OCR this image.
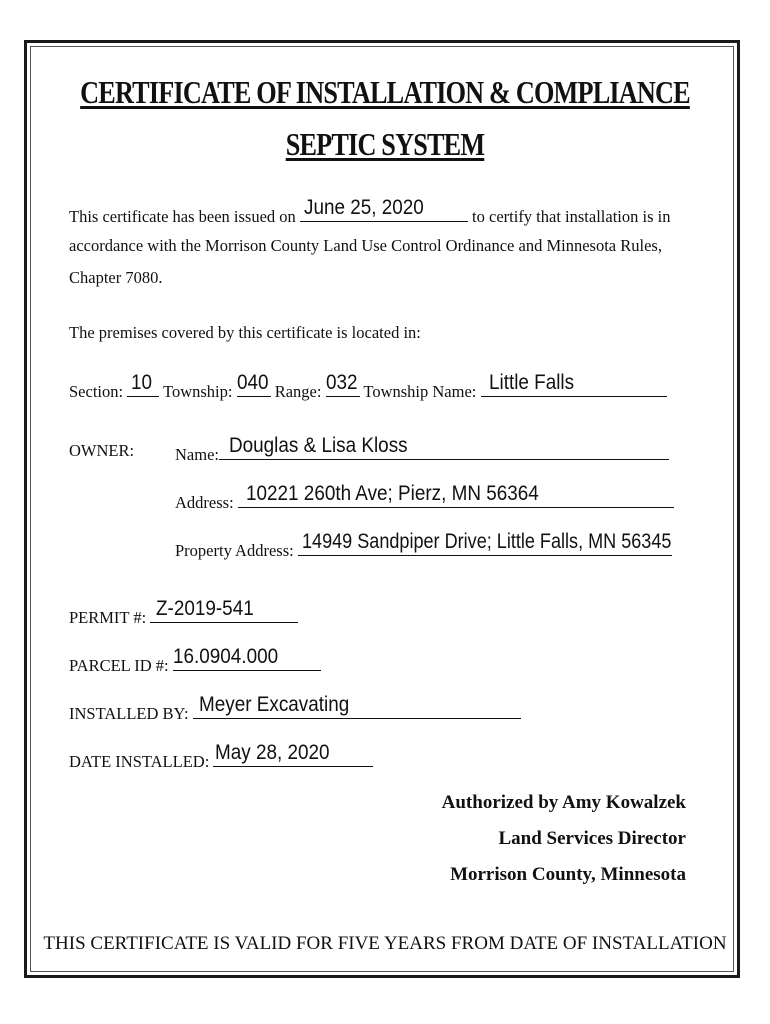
CERTIFICATE OF INSTALLATION & COMPLIANCE
SEPTIC SYSTEM
This certificate has been issued on June 25, 2020	to certify that installation is in
accordance with the Morrison County Land Use Control Ordinance and Minnesota Rules,
Chapter 7080.
The premises covered by this certificate is located in:
Section: 10 Township: 040 Range: 032 Township Name: Little Falls
OWNER: Name: Douglas & Lisa Kloss
Address: 10221 260th Ave; Pierz, MN 56364
Property Address: 14949 Sandpiper Drive; Little Falls, MN 56345
PERMIT #: Z-2019-541
PARCEL ID #: 16.0904.000
INSTALLED BY: Meyer Excavating
DATE INSTALLED: May 28, 2020
Authorized by Amy Kowalzek
Land Services Director
Morrison County, Minnesota
THIS CERTIFICATE IS VALID FOR FIVE YEARS FROM DATE OF INSTALLATION
